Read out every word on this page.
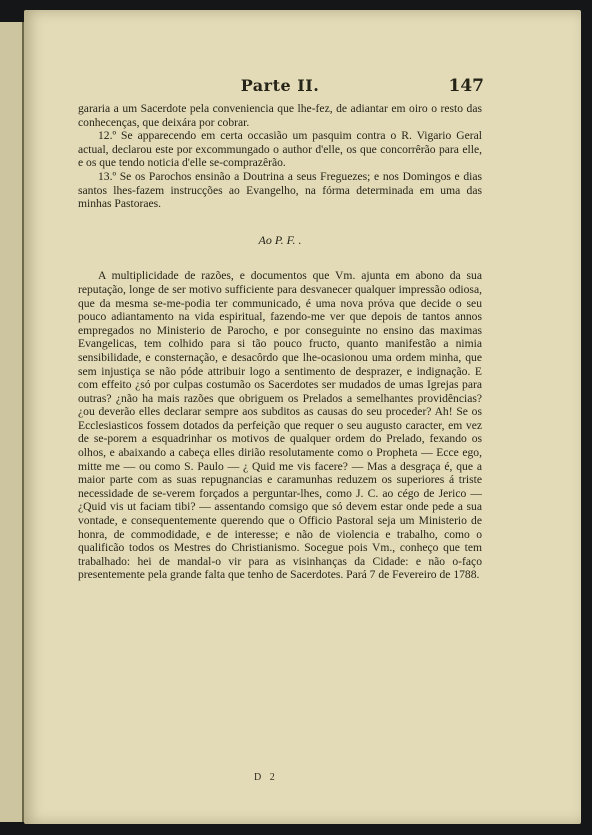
Parte II.	147

gararia a um Sacerdote pela conveniencia que lhe-fez, de adiantar em oiro o resto das conhecenças, que deixára por cobrar.

12.º Se apparecendo em certa occasião um pasquim contra o R. Vigario Geral actual, declarou este por excommungado o author d'elle, os que concorrêrão para elle, e os que tendo noticia d'elle se-comprazêrão.

13.º Se os Parochos ensinão a Doutrina a seus Freguezes; e nos Domingos e dias santos lhes-fazem instrucções ao Evangelho, na fórma determinada em uma das minhas Pastoraes.

Ao P. F. .

A multiplicidade de razões, e documentos que Vm. ajunta em abono da sua reputação, longe de ser motivo sufficiente para desvanecer qualquer impressão odiosa, que da mesma se-me-podia ter communicado, é uma nova próva que decide o seu pouco adiantamento na vida espiritual, fazendo-me ver que depois de tantos annos empregados no Ministerio de Parocho, e por conseguinte no ensino das maximas Evangelicas, tem colhido para si tão pouco fructo, quanto manifestão a nimia sensibilidade, e consternação, e desacôrdo que lhe-ocasionou uma ordem minha, que sem injustiça se não póde attribuir logo a sentimento de desprazer, e indignação. E com effeito ¿só por culpas costumão os Sacerdotes ser mudados de umas Igrejas para outras? ¿não ha mais razões que obriguem os Prelados a semelhantes providências? ¿ou deverão elles declarar sempre aos subditos as causas do seu proceder? Ah! Se os Ecclesiasticos fossem dotados da perfeição que requer o seu augusto caracter, em vez de se-porem a esquadrinhar os motivos de qualquer ordem do Prelado, fexando os olhos, e abaixando a cabeça elles dirião resolutamente como o Propheta — Ecce ego, mitte me — ou como S. Paulo — ¿ Quid me vis facere? — Mas a desgraça é, que a maior parte com as suas repugnancias e caramunhas reduzem os superiores á triste necessidade de se-verem forçados a perguntar-lhes, como J. C. ao cégo de Jerico — ¿Quid vis ut faciam tibi? — assentando comsigo que só devem estar onde pede a sua vontade, e consequentemente querendo que o Officio Pastoral seja um Ministerio de honra, de commodidade, e de interesse; e não de violencia e trabalho, como o qualificão todos os Mestres do Christianismo. Socegue pois Vm., conheço que tem trabalhado: hei de mandal-o vir para as visinhanças da Cidade: e não o-faço presentemente pela grande falta que tenho de Sacerdotes. Pará 7 de Fevereiro de 1788.

D 2
